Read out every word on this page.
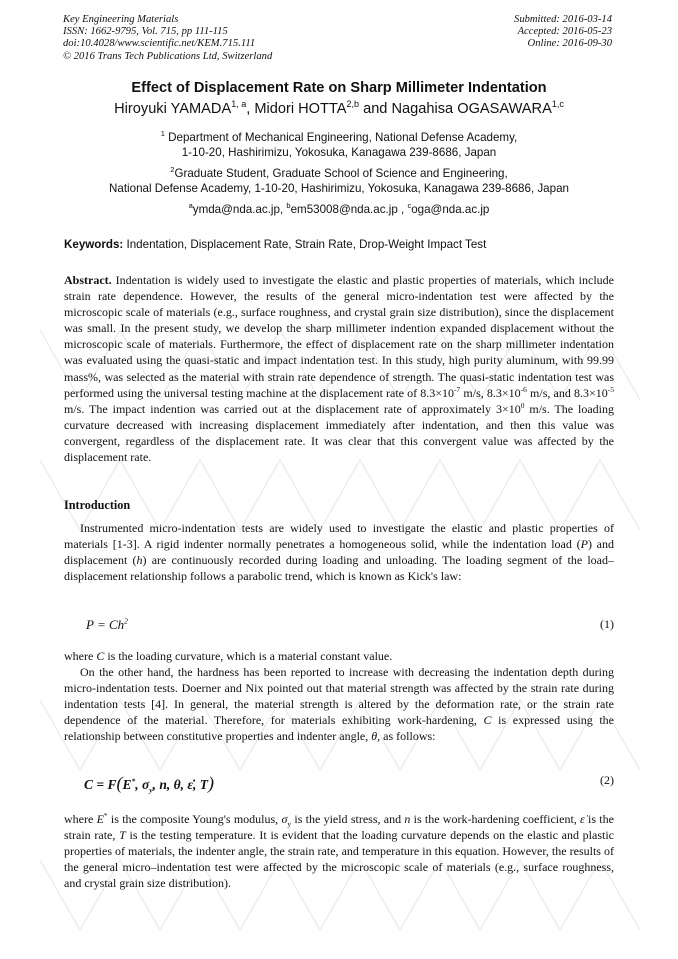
Key Engineering Materials
ISSN: 1662-9795, Vol. 715, pp 111-115
doi:10.4028/www.scientific.net/KEM.715.111
© 2016 Trans Tech Publications Ltd, Switzerland
Submitted: 2016-03-14
Accepted: 2016-05-23
Online: 2016-09-30
Effect of Displacement Rate on Sharp Millimeter Indentation
Hiroyuki YAMADA$^{1, a}$, Midori HOTTA$^{2,b}$ and Nagahisa OGASAWARA$^{1,c}$
$^1$ Department of Mechanical Engineering, National Defense Academy,
1-10-20, Hashirimizu, Yokosuka, Kanagawa 239-8686, Japan
$^2$Graduate Student, Graduate School of Science and Engineering,
National Defense Academy, 1-10-20, Hashirimizu, Yokosuka, Kanagawa 239-8686, Japan
$^a$ymda@nda.ac.jp, $^b$em53008@nda.ac.jp , $^c$oga@nda.ac.jp
Keywords: Indentation, Displacement Rate, Strain Rate, Drop-Weight Impact Test

Abstract. Indentation is widely used to investigate the elastic and plastic properties of materials, which include strain rate dependence. However, the results of the general micro-indentation test were affected by the microscopic scale of materials (e.g., surface roughness, and crystal grain size distribution), since the displacement was small. In the present study, we develop the sharp millimeter indention expanded displacement without the microscopic scale of materials. Furthermore, the effect of displacement rate on the sharp millimeter indentation was evaluated using the quasi-static and impact indentation test. In this study, high purity aluminum, with 99.99 mass%, was selected as the material with strain rate dependence of strength. The quasi-static indentation test was performed using the universal testing machine at the displacement rate of $8.3\times 10^{-7}$ m/s, $8.3\times 10^{-6}$ m/s, and $8.3\times 10^{-5}$ m/s. The impact indention was carried out at the displacement rate of approximately $3\times 10^0$ m/s. The loading curvature decreased with increasing displacement immediately after indentation, and then this value was convergent, regardless of the displacement rate. It was clear that this convergent value was affected by the displacement rate.

Introduction

Instrumented micro-indentation tests are widely used to investigate the elastic and plastic properties of materials [1-3]. A rigid indenter normally penetrates a homogeneous solid, while the indentation load (P) and displacement (h) are continuously recorded during loading and unloading. The loading segment of the load–displacement relationship follows a parabolic trend, which is known as Kick's law:

$P = Ch^2$	(1)

where C is the loading curvature, which is a material constant value.

On the other hand, the hardness has been reported to increase with decreasing the indentation depth during micro-indentation tests. Doerner and Nix pointed out that material strength was affected by the strain rate during indentation tests [4]. In general, the material strength is altered by the deformation rate, or the strain rate dependence of the material. Therefore, for materials exhibiting work-hardening, C is expressed using the relationship between constitutive properties and indenter angle, θ, as follows:

C = F(E*, $\sigma_y$, n, θ, ε̇, T)	(2)

where E* is the composite Young's modulus, $\sigma_y$ is the yield stress, and n is the work-hardening coefficient, ε̇ is the strain rate, T is the testing temperature. It is evident that the loading curvature depends on the elastic and plastic properties of materials, the indenter angle, the strain rate, and temperature in this equation. However, the results of the general micro–indentation test were affected by the microscopic scale of materials (e.g., surface roughness, and crystal grain size distribution).
